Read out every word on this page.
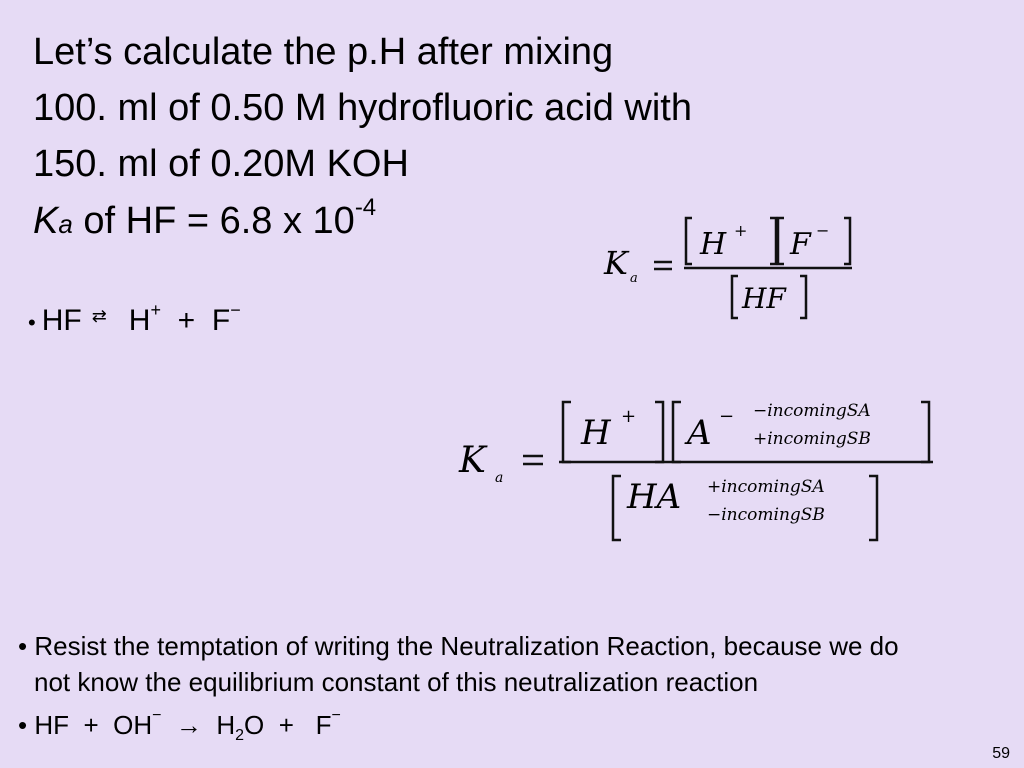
Let’s calculate the p.H after mixing
100. ml of 0.50 M hydrofluoric acid with
150. ml of 0.20M KOH
Ka of HF = 6.8 x $10^{-4}$
• HF ⇄ H+ + F−
K a
H + F −
HF
K a
H + A − −incomingSA
+incomingSB
HA +incomingSA
−incomingSB
• Resist the temptation of writing the Neutralization Reaction, because we do
not know the equilibrium constant of this neutralization reaction
• HF + $OH^- \to H_2O + F^-$
59
